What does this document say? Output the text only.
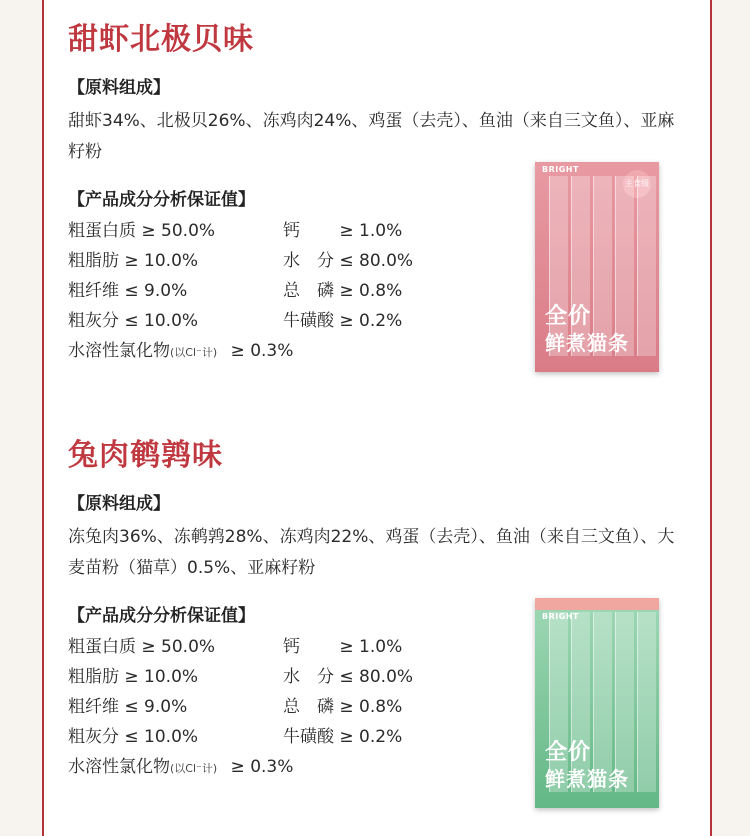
甜虾北极贝味

【原料组成】

甜虾34%、北极贝26%、冻鸡肉24%、鸡蛋（去壳）、鱼油（来自三文鱼）、亚麻籽粉

【产品成分分析保证值】

粗蛋白质 ≥ 50.0%	钙　　 ≥ 1.0%
粗脂肪 ≥ 10.0%	水　分 ≤ 80.0%
粗纤维 ≤ 9.0%	总　磷 ≥ 0.8%
粗灰分 ≤ 10.0%	牛磺酸 ≥ 0.2%
水溶性氯化物(以Cl⁻计) ≥ 0.3%
BRIGHT
主食级
全价
鲜煮猫条
兔肉鹌鹑味

【原料组成】

冻兔肉36%、冻鹌鹑28%、冻鸡肉22%、鸡蛋（去壳）、鱼油（来自三文鱼）、大麦苗粉（猫草）0.5%、亚麻籽粉

【产品成分分析保证值】

粗蛋白质 ≥ 50.0%	钙　　 ≥ 1.0%
粗脂肪 ≥ 10.0%	水　分 ≤ 80.0%
粗纤维 ≤ 9.0%	总　磷 ≥ 0.8%
粗灰分 ≤ 10.0%	牛磺酸 ≥ 0.2%
水溶性氯化物(以Cl⁻计) ≥ 0.3%
BRIGHT
全价
鲜煮猫条
